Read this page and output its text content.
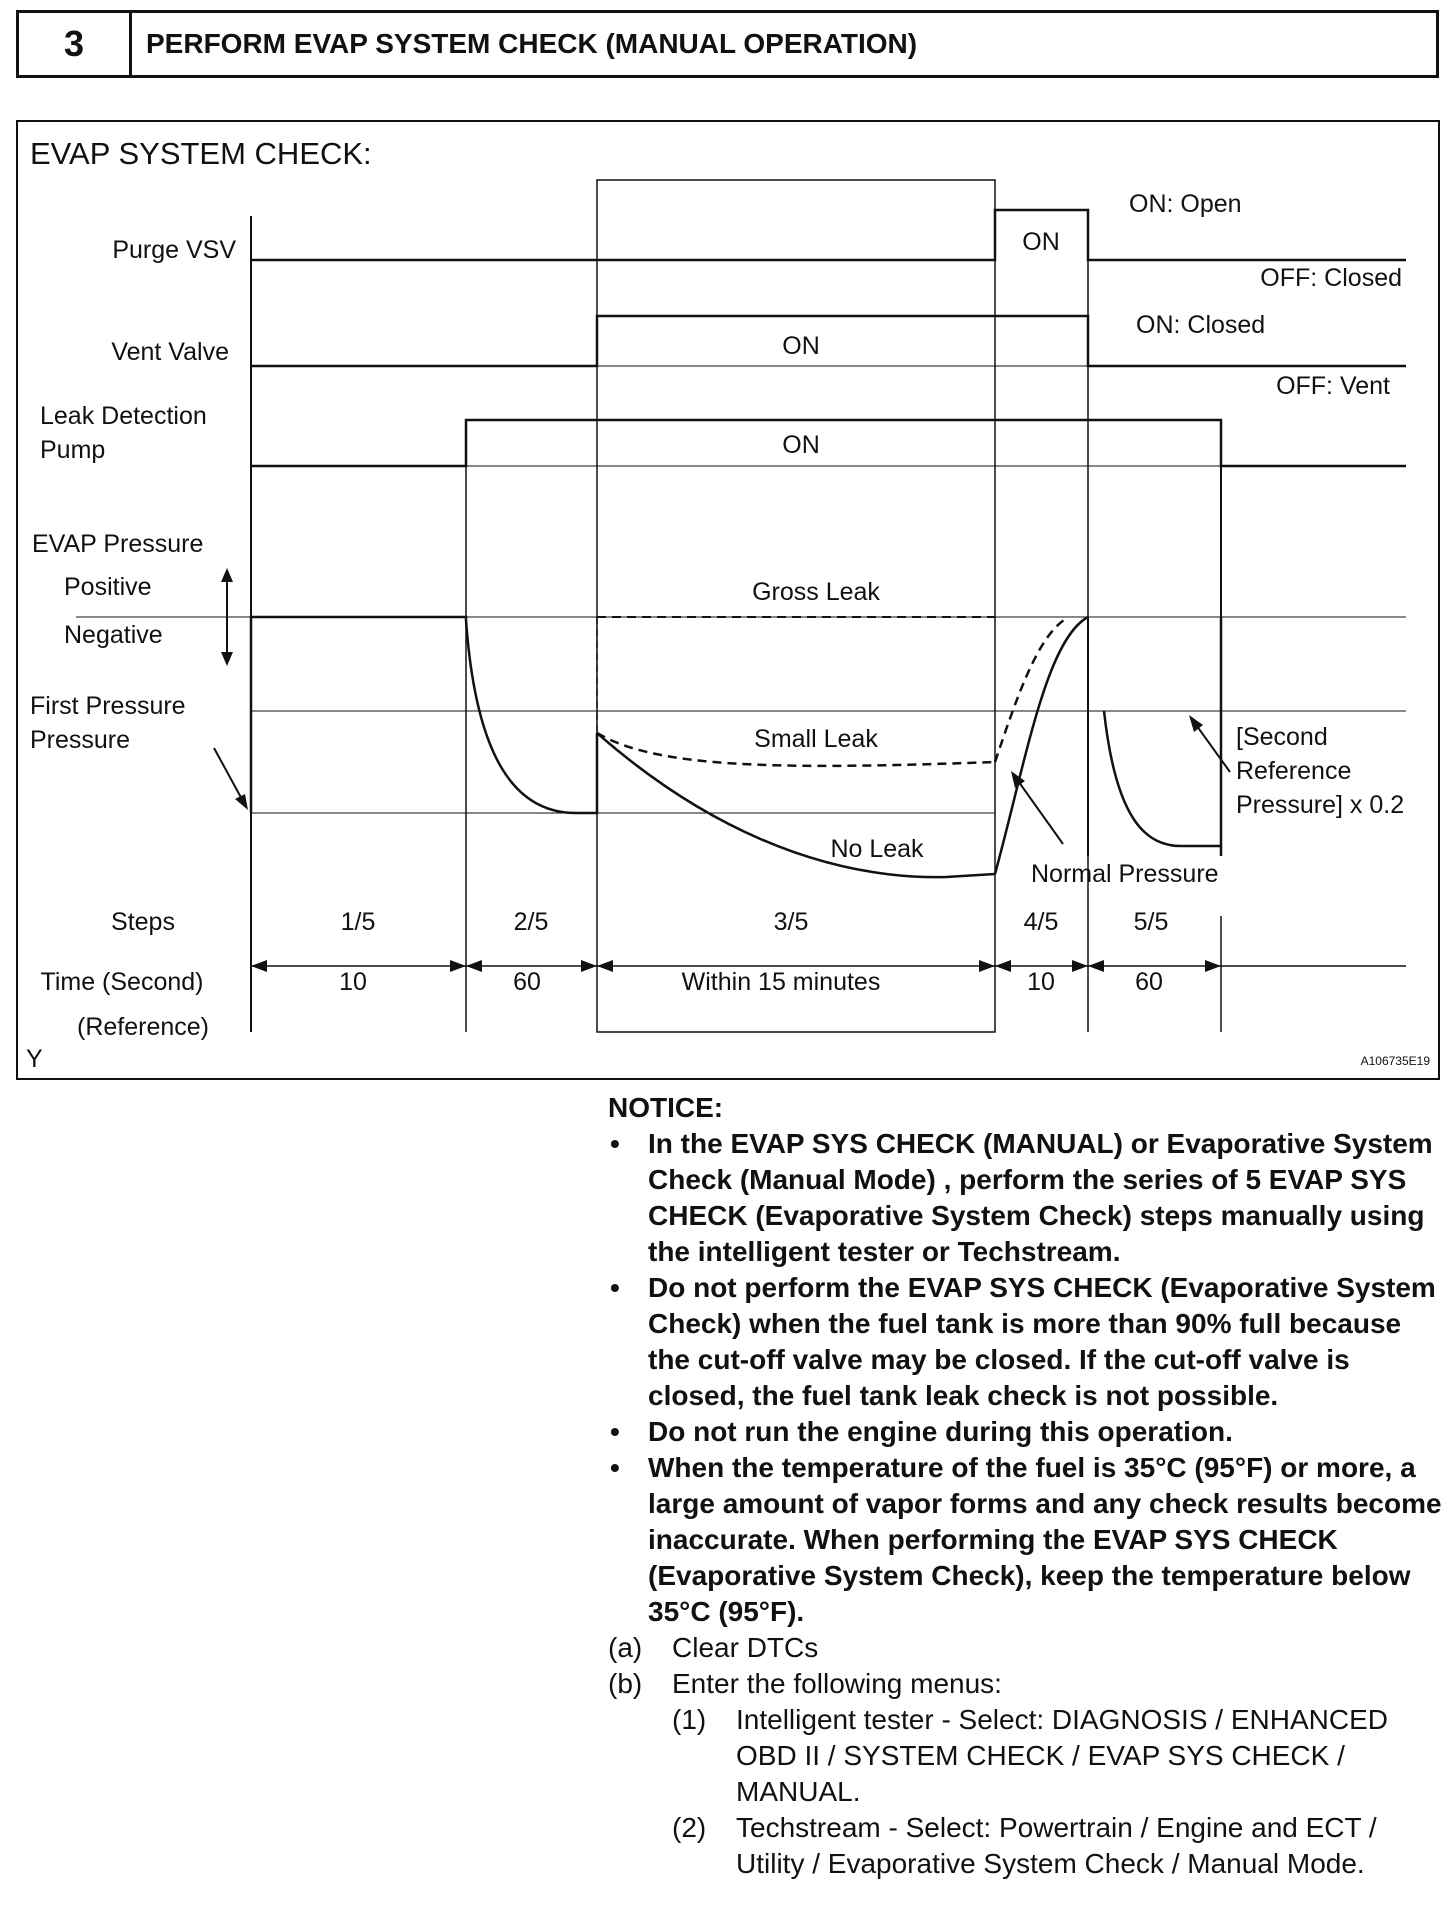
3	PERFORM EVAP SYSTEM CHECK (MANUAL OPERATION)
EVAP SYSTEM CHECK:
Purge VSV	ON
ON: Open
OFF: Closed
Vent Valve	ON
ON: Closed
OFF: Vent
Leak Detection
Pump	ON
EVAP Pressure
Positive
Negative
First Pressure
Pressure
Gross Leak
Small Leak
No Leak
Normal Pressure
[Second
Reference
Pressure] x 0.2
Steps	1/5	2/5	3/5	4/5	5/5
Time (Second)	10	60	Within 15 minutes	10	60
(Reference)
Y	A106735E19
NOTICE:
• In the EVAP SYS CHECK (MANUAL) or Evaporative System Check (Manual Mode) , perform the series of 5 EVAP SYS CHECK (Evaporative System Check) steps manually using the intelligent tester or Techstream.
• Do not perform the EVAP SYS CHECK (Evaporative System Check) when the fuel tank is more than 90% full because the cut-off valve may be closed. If the cut-off valve is closed, the fuel tank leak check is not possible.
• Do not run the engine during this operation.
• When the temperature of the fuel is 35°C (95°F) or more, a large amount of vapor forms and any check results become inaccurate. When performing the EVAP SYS CHECK (Evaporative System Check), keep the temperature below 35°C (95°F).
(a) Clear DTCs
(b) Enter the following menus:
(1) Intelligent tester - Select: DIAGNOSIS / ENHANCED OBD II / SYSTEM CHECK / EVAP SYS CHECK / MANUAL.
(2) Techstream - Select: Powertrain / Engine and ECT / Utility / Evaporative System Check / Manual Mode.
